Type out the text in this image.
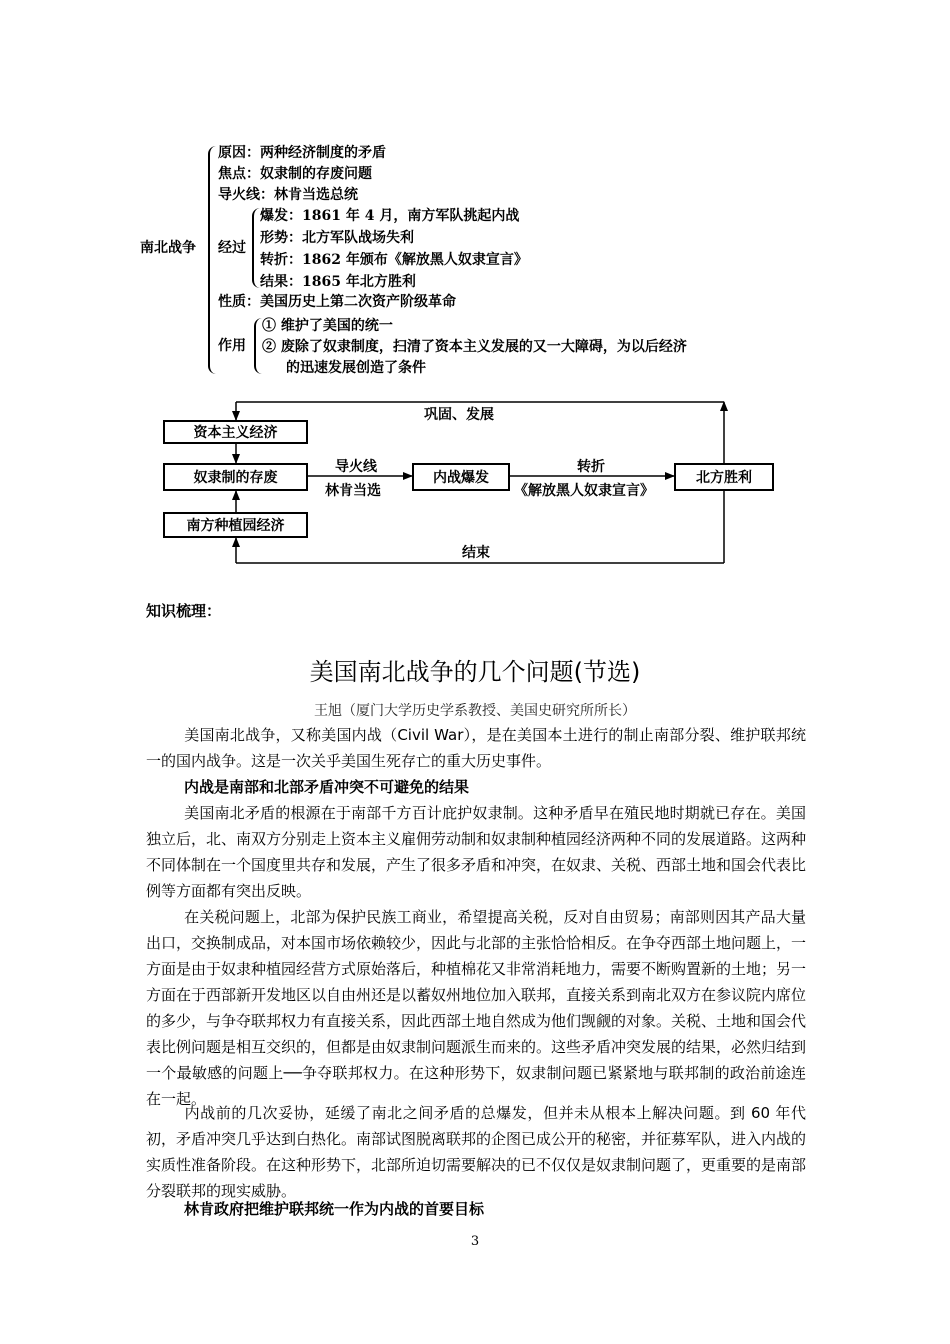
南北战争
原因：两种经济制度的矛盾
焦点：奴隶制的存废问题
导火线：林肯当选总统
经过
爆发：1861 年 4 月，南方军队挑起内战
形势：北方军队战场失利
转折：1862 年颁布《解放黑人奴隶宣言》
结果：1865 年北方胜利
性质：美国历史上第二次资产阶级革命
作用
① 维护了美国的统一
② 废除了奴隶制度，扫清了资本主义发展的又一大障碍，为以后经济
的迅速发展创造了条件
资本主义经济
奴隶制的存废
南方种植园经济
内战爆发	北方胜利
巩固、发展
导火线
林肯当选
转折
《解放黑人奴隶宣言》
结束
知识梳理：
美国南北战争的几个问题(节选)
王旭（厦门大学历史学系教授、美国史研究所所长）
美国南北战争，又称美国内战（Civil War），是在美国本土进行的制止南部分裂、维护联邦统一的国内战争。这是一次关乎美国生死存亡的重大历史事件。
内战是南部和北部矛盾冲突不可避免的结果
美国南北矛盾的根源在于南部千方百计庇护奴隶制。这种矛盾早在殖民地时期就已存在。美国独立后，北、南双方分别走上资本主义雇佣劳动制和奴隶制种植园经济两种不同的发展道路。这两种不同体制在一个国度里共存和发展，产生了很多矛盾和冲突，在奴隶、关税、西部土地和国会代表比例等方面都有突出反映。
在关税问题上，北部为保护民族工商业，希望提高关税，反对自由贸易；南部则因其产品大量出口，交换制成品，对本国市场依赖较少，因此与北部的主张恰恰相反。在争夺西部土地问题上，一方面是由于奴隶种植园经营方式原始落后，种植棉花又非常消耗地力，需要不断购置新的土地；另一方面在于西部新开发地区以自由州还是以蓄奴州地位加入联邦，直接关系到南北双方在参议院内席位的多少，与争夺联邦权力有直接关系，因此西部土地自然成为他们觊觎的对象。关税、土地和国会代表比例问题是相互交织的，但都是由奴隶制问题派生而来的。这些矛盾冲突发展的结果，必然归结到一个最敏感的问题上──争夺联邦权力。在这种形势下，奴隶制问题已紧紧地与联邦制的政治前途连在一起。
内战前的几次妥协，延缓了南北之间矛盾的总爆发，但并未从根本上解决问题。到 60 年代初，矛盾冲突几乎达到白热化。南部试图脱离联邦的企图已成公开的秘密，并征募军队，进入内战的实质性准备阶段。在这种形势下，北部所迫切需要解决的已不仅仅是奴隶制问题了，更重要的是南部分裂联邦的现实威胁。
林肯政府把维护联邦统一作为内战的首要目标
3
